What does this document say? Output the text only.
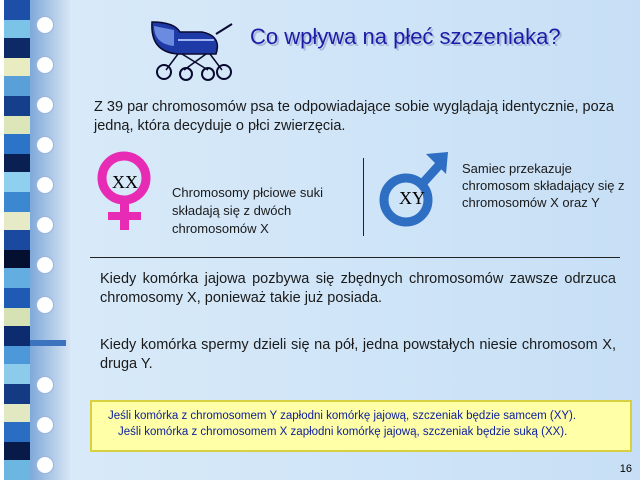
Co wpływa na płeć szczeniaka?
Z 39 par chromosomów psa te odpowiadające sobie wyglądają identycznie, poza jedną, która decyduje o płci zwierzęcia.
XX
Chromosomy płciowe suki składają się z dwóch chromosomów X
XY
Samiec przekazuje chromosom składający się z chromosomów X oraz Y
Kiedy komórka jajowa pozbywa się zbędnych chromosomów zawsze odrzuca chromosomy X, ponieważ takie już posiada.
Kiedy komórka spermy dzieli się na pół, jedna powstałych niesie chromosom X, druga Y.
Jeśli komórka z chromosomem Y zapłodni komórkę jajową, szczeniak będzie samcem (XY).
Jeśli komórka z chromosomem X zapłodni komórkę jajową, szczeniak będzie suką (XX).
16
